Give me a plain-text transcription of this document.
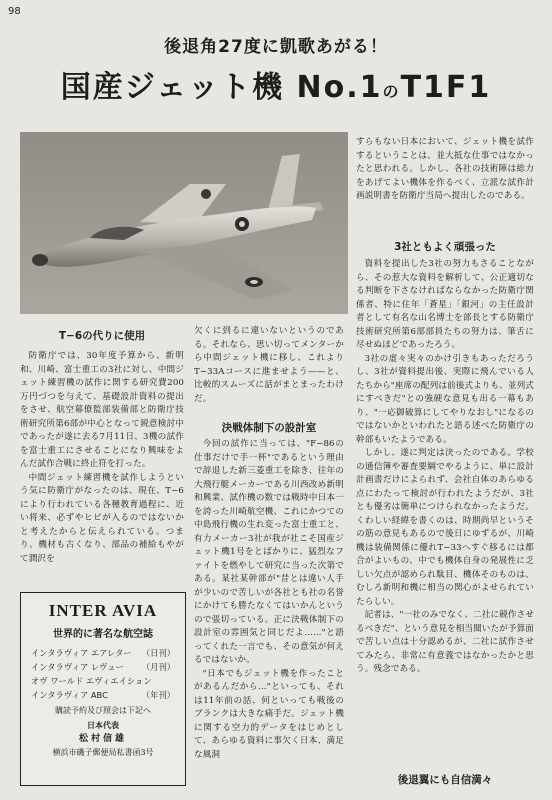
98
後退角27度に凱歌あがる！
国産ジェット機 No.1のT1F1
T−6の代りに使用

防衛庁では、30年度予算から、新明和、川崎、富士重工の3社に対し、中間ジェット練習機の試作に関する研究費200万円づつを与えて、基礎設計資料の提出をさせ、航空幕僚監部装備部と防衛庁技術研究所第6部が中心となって鋭意検討中であったが遂に去る7月11日、3機の試作を富士重工にさせることになり興味をよんだ試作合戦に終止符を打った。

中間ジェット練習機を試作しようという気に防衛庁がなったのは、現在、T−6により行われている各種教育過程に、近い将来、必ずやヒビが入るのではないかと考えたからと伝えられている。つまり、機材も古くなり、部品の補給もやがて潤沢を

欠くに到るに違いないというのである。それなら、思い切ってメンターから中間ジェット機に移し、これよりT−33Aコースに進ませよう——と、比較的スムーズに話がまとまったわけだ。

決戦体制下の設計室

今回の試作に当っては、"F−86の仕事だけで手一杯"であるという理由で辞退した新三菱重工を除き、往年の大飛行艇メーカーである川西改め新明和興業、試作機の数では戦時中日本一を誇った川崎航空機、これにかつての中島飛行機の生れ変った富士重工と、有力メーカー3社が我が社こそ国産ジェット機1号をとばかりに、猛烈なファイトを燃やして研究に当った次第である。某社某幹部が"昔とは違い人手が少いので苦しいが各社とも社の名誉にかけても勝たなくてはいかんというので張切っている。正に決戦体制下の設計室の雰囲気と同じだよ……"と語ってくれた一言でも、その意気が何えるではないか。

"日本でもジェット機を作ったことがあるんだから…"といっても、それは11年前の話、何といっても戦後のブランクは大きな痛手だ。ジェット機に関する空力的データをはじめとして、あらゆる資料に事欠く日本、満足な風洞

すらもない日本において、ジェット機を試作するということは、並大抵な仕事ではなかったと思われる。しかし、各社の技術陣は総力をあげてよい機体を作るべく、立派な試作計画説明書を防衛庁当局へ提出したのである。

3社ともよく頑張った

資料を提出した3社の努力もさることながら、その惹大な資料を解析して、公正適切なる判断を下さなければならなかった防衛庁関係者、特に住年「蒼星」「銀河」の主任設計者として有名な山名博士を部長とする防衛庁技術研究所第6部部員たちの努力は、筆舌に尽せぬほどであったろう。

3社の虚々実々のかけ引きもあっただろうし、3社が資料提出後、実際に飛んでいる人たちから"座席の配列は前後式よりも、並列式にすべきだ"との強硬な意見も出る一幕もあり、"一応御破算にしてやりなおし"になるのではないかといわれたと語る述べた防衛庁の幹部もいたようである。

しかし、遂に判定は決ったのである。学校の通信簿や審査要綱でやるように、単に設計計画書だけによられず、会社自体のあらゆる点にわたって検討が行われたようだが、3社とも優劣は簡単につけられなかったようだ。くわしい経緯を書くのは、時期尚早というその筋の意見もあるので後日にゆずるが、川崎機は装備関係に優れT−33へすぐ移るには都合がよいもの、中でも機体自身の発展性に乏しい欠点が認められ駄目、機体そのものは、むしろ新明和機に相当の関心がよせられていたらしい。

記者は、"一社のみでなく、二社に競作させるべきだ"、という意見を相当聞いたが予算面で苦しい点は十分認めるが、二社に試作させてみたら、非常に有意義ではなかったかと思う。残念である。

後退翼にも自信満々
INTER AVIA
世界的に著名な航空誌
インタラヴィア エアレター （日刊）
インタラヴィア レヴュー （月刊）
オヴ ワールド エヴィエイション
インタラヴィア ABC	（年刊）
購読予約及び照会は下記へ
日本代表
松村信雄
横浜市磯子郵便局私書函3号
